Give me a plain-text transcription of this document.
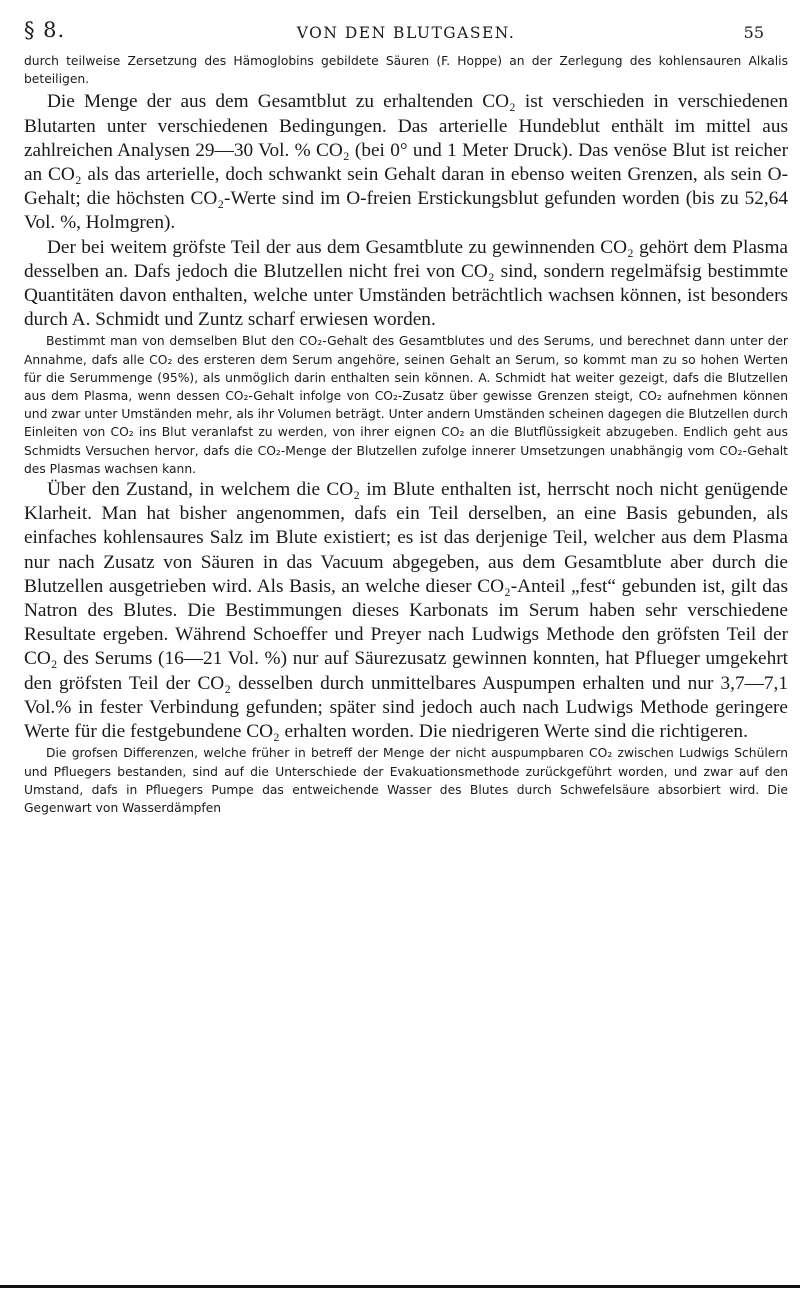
§ 8.	VON DEN BLUTGASEN.	55

durch teilweise Zersetzung des Hämoglobins gebildete Säuren (F. Hoppe) an der Zerlegung des kohlensauren Alkalis beteiligen.

Die Menge der aus dem Gesamtblut zu erhaltenden CO₂ ist verschieden in verschiedenen Blutarten unter verschiedenen Bedingungen. Das arterielle Hundeblut enthält im mittel aus zahlreichen Analysen 29—30 Vol. % CO₂ (bei 0° und 1 Meter Druck). Das venöse Blut ist reicher an CO₂ als das arterielle, doch schwankt sein Gehalt daran in ebenso weiten Grenzen, als sein O-Gehalt; die höchsten CO₂-Werte sind im O-freien Erstickungsblut gefunden worden (bis zu 52,64 Vol. %, Holmgren).

Der bei weitem gröfste Teil der aus dem Gesamtblute zu gewinnenden CO₂ gehört dem Plasma desselben an. Dafs jedoch die Blutzellen nicht frei von CO₂ sind, sondern regelmäfsig bestimmte Quantitäten davon enthalten, welche unter Umständen beträchtlich wachsen können, ist besonders durch A. Schmidt und Zuntz scharf erwiesen worden.

Bestimmt man von demselben Blut den CO₂-Gehalt des Gesamtblutes und des Serums, und berechnet dann unter der Annahme, dafs alle CO₂ des ersteren dem Serum angehöre, seinen Gehalt an Serum, so kommt man zu so hohen Werten für die Serummenge (95%), als unmöglich darin enthalten sein können. A. Schmidt hat weiter gezeigt, dafs die Blutzellen aus dem Plasma, wenn dessen CO₂-Gehalt infolge von CO₂-Zusatz über gewisse Grenzen steigt, CO₂ aufnehmen können und zwar unter Umständen mehr, als ihr Volumen beträgt. Unter andern Umständen scheinen dagegen die Blutzellen durch Einleiten von CO₂ ins Blut veranlafst zu werden, von ihrer eignen CO₂ an die Blutflüssigkeit abzugeben. Endlich geht aus Schmidts Versuchen hervor, dafs die CO₂-Menge der Blutzellen zufolge innerer Umsetzungen unabhängig vom CO₂-Gehalt des Plasmas wachsen kann.

Über den Zustand, in welchem die CO₂ im Blute enthalten ist, herrscht noch nicht genügende Klarheit. Man hat bisher angenommen, dafs ein Teil derselben, an eine Basis gebunden, als einfaches kohlensaures Salz im Blute existiert; es ist das derjenige Teil, welcher aus dem Plasma nur nach Zusatz von Säuren in das Vacuum abgegeben, aus dem Gesamtblute aber durch die Blutzellen ausgetrieben wird. Als Basis, an welche dieser CO₂-Anteil „fest“ gebunden ist, gilt das Natron des Blutes. Die Bestimmungen dieses Karbonats im Serum haben sehr verschiedene Resultate ergeben. Während Schoeffer und Preyer nach Ludwigs Methode den gröfsten Teil der CO₂ des Serums (16—21 Vol. %) nur auf Säurezusatz gewinnen konnten, hat Pflueger umgekehrt den gröfsten Teil der CO₂ desselben durch unmittelbares Auspumpen erhalten und nur 3,7—7,1 Vol.% in fester Verbindung gefunden; später sind jedoch auch nach Ludwigs Methode geringere Werte für die festgebundene CO₂ erhalten worden. Die niedrigeren Werte sind die richtigeren.

Die grofsen Differenzen, welche früher in betreff der Menge der nicht auspumpbaren CO₂ zwischen Ludwigs Schülern und Pfluegers bestanden, sind auf die Unterschiede der Evakuationsmethode zurückgeführt worden, und zwar auf den Umstand, dafs in Pfluegers Pumpe das entweichende Wasser des Blutes durch Schwefelsäure absorbiert wird. Die Gegenwart von Wasserdämpfen
